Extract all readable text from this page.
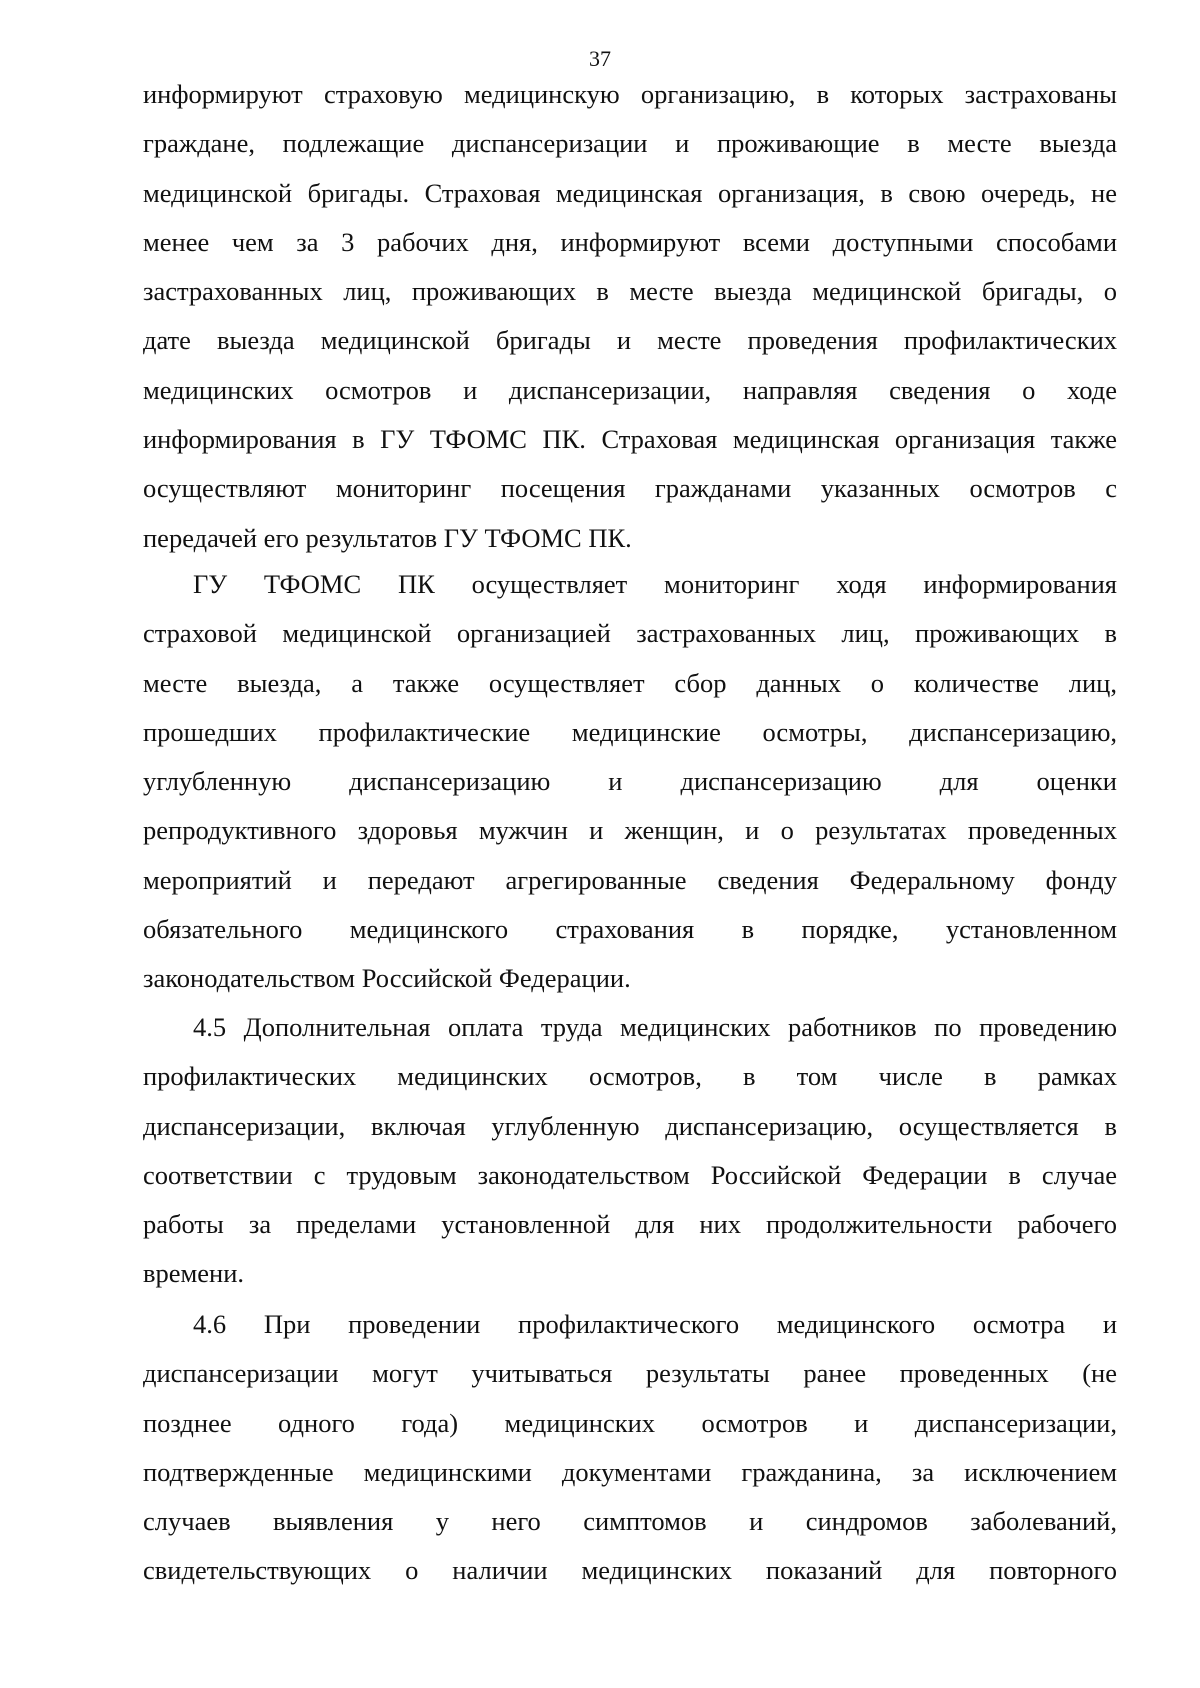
37
информируют страховую медицинскую организацию, в которых застрахованы
граждане, подлежащие диспансеризации и проживающие в месте выезда
медицинской бригады. Страховая медицинская организация, в свою очередь, не
менее чем за 3 рабочих дня, информируют всеми доступными способами
застрахованных лиц, проживающих в месте выезда медицинской бригады, о
дате выезда медицинской бригады и месте проведения профилактических
медицинских осмотров и диспансеризации, направляя сведения о ходе
информирования в ГУ ТФОМС ПК. Страховая медицинская организация также
осуществляют мониторинг посещения гражданами указанных осмотров с
передачей его результатов ГУ ТФОМС ПК.
ГУ ТФОМС ПК осуществляет мониторинг ходя информирования
страховой медицинской организацией застрахованных лиц, проживающих в
месте выезда, а также осуществляет сбор данных о количестве лиц,
прошедших профилактические медицинские осмотры, диспансеризацию,
углубленную диспансеризацию и диспансеризацию для оценки
репродуктивного здоровья мужчин и женщин, и о результатах проведенных
мероприятий и передают агрегированные сведения Федеральному фонду
обязательного медицинского страхования в порядке, установленном
законодательством Российской Федерации.
4.5 Дополнительная оплата труда медицинских работников по проведению
профилактических медицинских осмотров, в том числе в рамках
диспансеризации, включая углубленную диспансеризацию, осуществляется в
соответствии с трудовым законодательством Российской Федерации в случае
работы за пределами установленной для них продолжительности рабочего
времени.
4.6 При проведении профилактического медицинского осмотра и
диспансеризации могут учитываться результаты ранее проведенных (не
позднее одного года) медицинских осмотров и диспансеризации,
подтвержденные медицинскими документами гражданина, за исключением
случаев выявления у него симптомов и синдромов заболеваний,
свидетельствующих о наличии медицинских показаний для повторного
